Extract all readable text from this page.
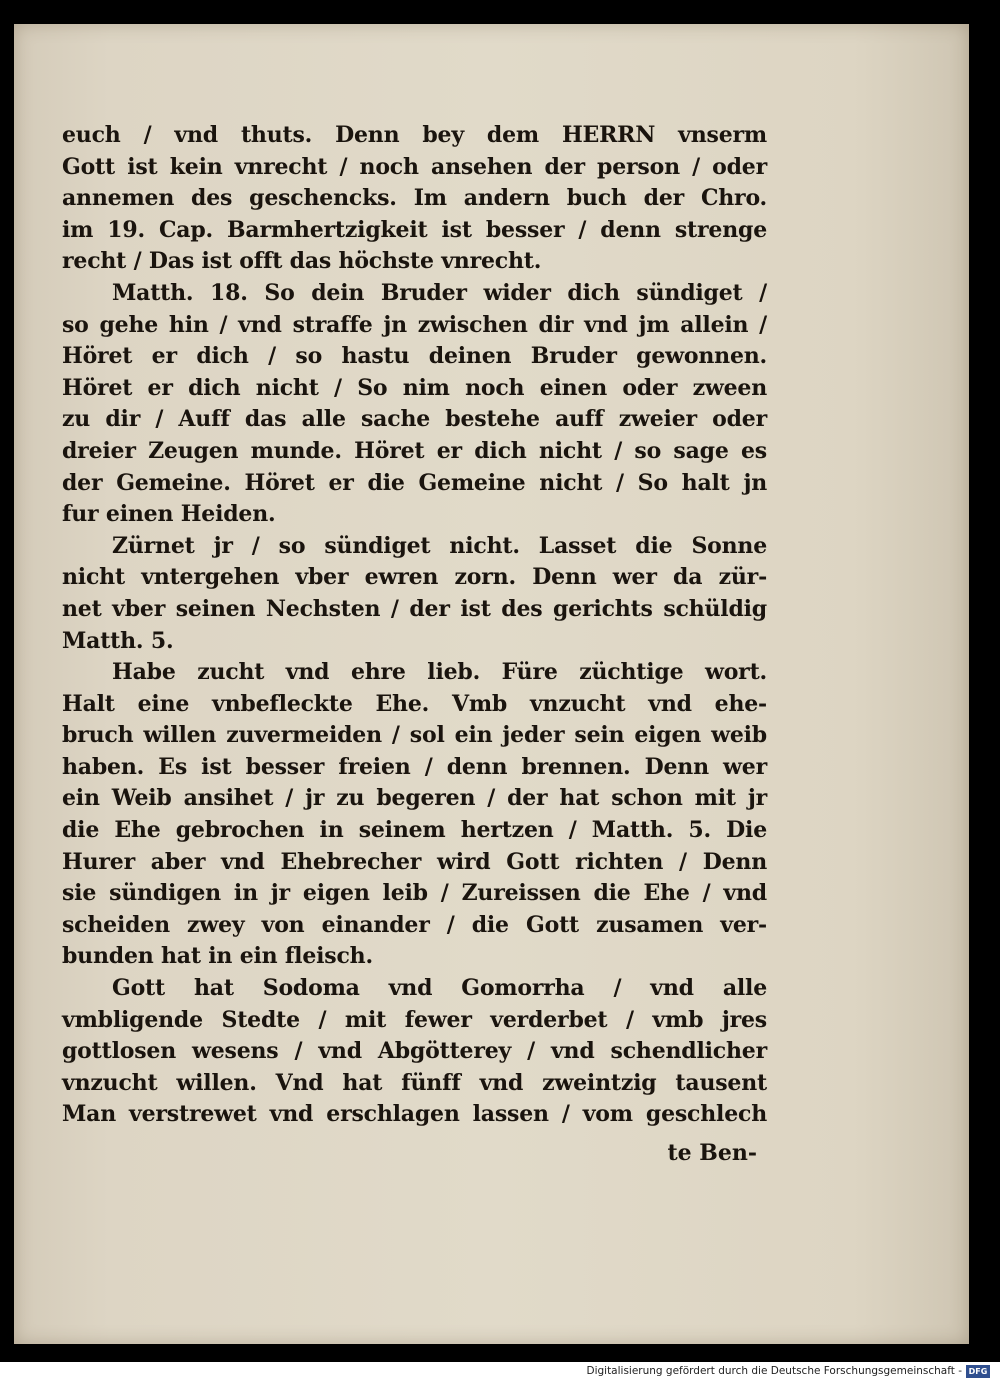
euch / vnd thuts. Denn bey dem HERRN vnserm
Gott ist kein vnrecht / noch ansehen der person / oder
annemen des geschencks. Im andern buch der Chro.
im 19. Cap. Barmhertzigkeit ist besser / denn strenge
recht / Das ist offt das höchste vnrecht.
Matth. 18. So dein Bruder wider dich sündiget /
so gehe hin / vnd straffe jn zwischen dir vnd jm allein /
Höret er dich / so hastu deinen Bruder gewonnen.
Höret er dich nicht / So nim noch einen oder zween
zu dir / Auff das alle sache bestehe auff zweier oder
dreier Zeugen munde. Höret er dich nicht / so sage es
der Gemeine. Höret er die Gemeine nicht / So halt jn
fur einen Heiden.
Zürnet jr / so sündiget nicht. Lasset die Sonne
nicht vntergehen vber ewren zorn. Denn wer da zür-
net vber seinen Nechsten / der ist des gerichts schüldig
Matth. 5.
Habe zucht vnd ehre lieb. Füre züchtige wort.
Halt eine vnbefleckte Ehe. Vmb vnzucht vnd ehe-
bruch willen zuvermeiden / sol ein jeder sein eigen weib
haben. Es ist besser freien / denn brennen. Denn wer
ein Weib ansihet / jr zu begeren / der hat schon mit jr
die Ehe gebrochen in seinem hertzen / Matth. 5. Die
Hurer aber vnd Ehebrecher wird Gott richten / Denn
sie sündigen in jr eigen leib / Zureissen die Ehe / vnd
scheiden zwey von einander / die Gott zusamen ver-
bunden hat in ein fleisch.
Gott hat Sodoma vnd Gomorrha / vnd alle
vmbligende Stedte / mit fewer verderbet / vmb jres
gottlosen wesens / vnd Abgötterey / vnd schendlicher
vnzucht willen. Vnd hat fünff vnd zweintzig tausent
Man verstrewet vnd erschlagen lassen / vom geschlech
te Ben-
Digitalisierung gefördert durch die Deutsche Forschungsgemeinschaft - DFG
